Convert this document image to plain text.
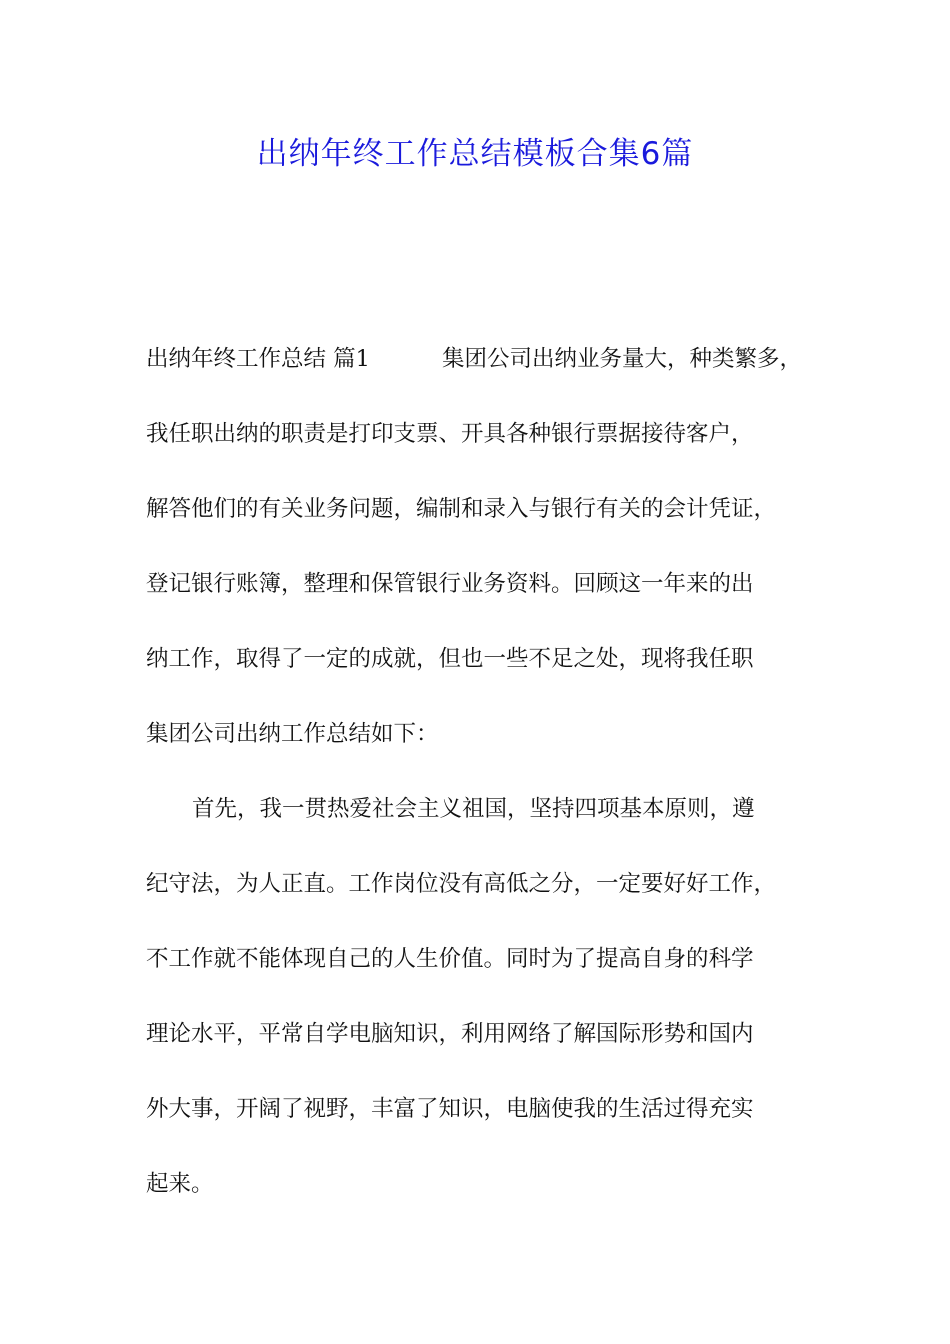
出纳年终工作总结模板合集6篇
出纳年终工作总结 篇1	集团公司出纳业务量大，种类繁多，
我任职出纳的职责是打印支票、开具各种银行票据接待客户，
解答他们的有关业务问题，编制和录入与银行有关的会计凭证，
登记银行账簿，整理和保管银行业务资料。回顾这一年来的出
纳工作，取得了一定的成就，但也一些不足之处，现将我任职
集团公司出纳工作总结如下：
首先，我一贯热爱社会主义祖国，坚持四项基本原则，遵
纪守法，为人正直。工作岗位没有高低之分，一定要好好工作，
不工作就不能体现自己的人生价值。同时为了提高自身的科学
理论水平，平常自学电脑知识，利用网络了解国际形势和国内
外大事，开阔了视野，丰富了知识，电脑使我的生活过得充实
起来。
